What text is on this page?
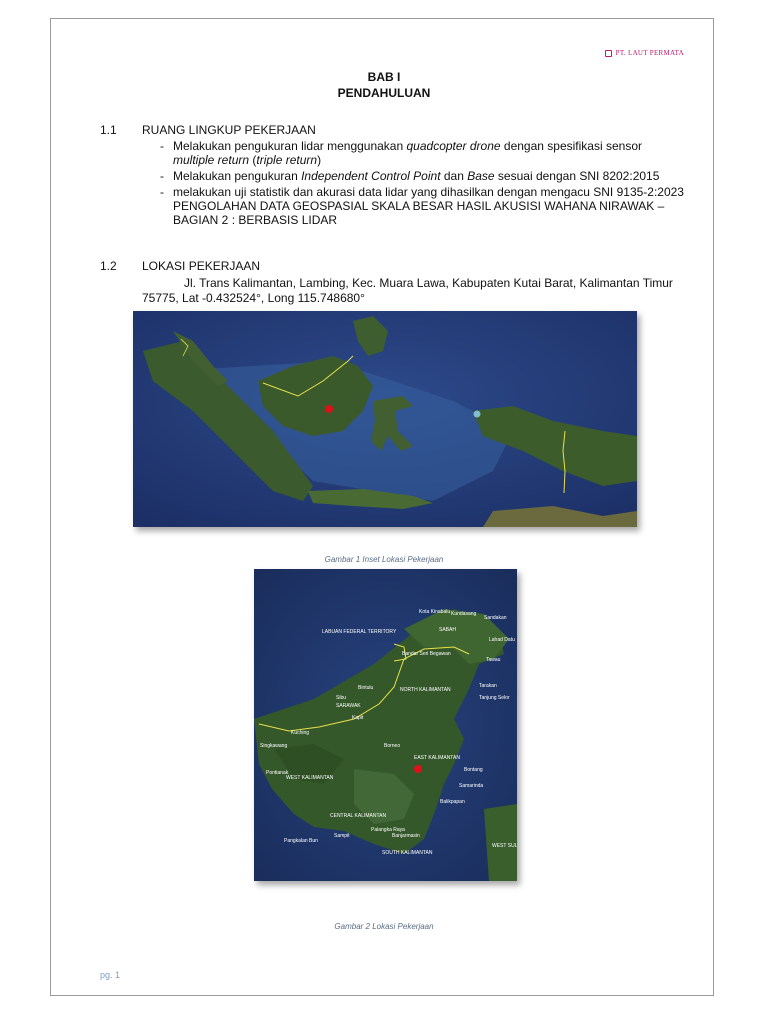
PT. LAUT PERMATA
BAB I
PENDAHULUAN
1.1 RUANG LINGKUP PEKERJAAN
- Melakukan pengukuran lidar menggunakan quadcopter drone dengan spesifikasi sensor multiple return (triple return)
- Melakukan pengukuran Independent Control Point dan Base sesuai dengan SNI 8202:2015
- melakukan uji statistik dan akurasi data lidar yang dihasilkan dengan mengacu SNI 9135-2:2023 PENGOLAHAN DATA GEOSPASIAL SKALA BESAR HASIL AKUSISI WAHANA NIRAWAK – BAGIAN 2 : BERBASIS LIDAR
1.2 LOKASI PEKERJAAN
Jl. Trans Kalimantan, Lambing, Kec. Muara Lawa, Kabupaten Kutai Barat, Kalimantan Timur
75775, Lat -0.432524°, Long 115.748680°
Gambar 1 Inset Lokasi Pekerjaan
Kota Kinabalu Kundasang
Sandakan
LABUAN FEDERAL TERRITORY	SABAH
Lahad Datu
Tawau
Bandar Seri Begawan
NORTH KALIMANTAN
Tarakan
Tanjung Selor
Bintulu
Sibu
SARAWAK
Kapit
Kuching
Borneo
Singkawang
EAST KALIMANTAN
Pontianak
WEST KALIMANTAN
Bontang
Samarinda
Balikpapan
CENTRAL KALIMANTAN
Palangka Raya
Sampit
Pangkalan Bun
Banjarmasin
SOUTH KALIMANTAN
WEST SUL
Gambar 2 Lokasi Pekerjaan
pg. 1
